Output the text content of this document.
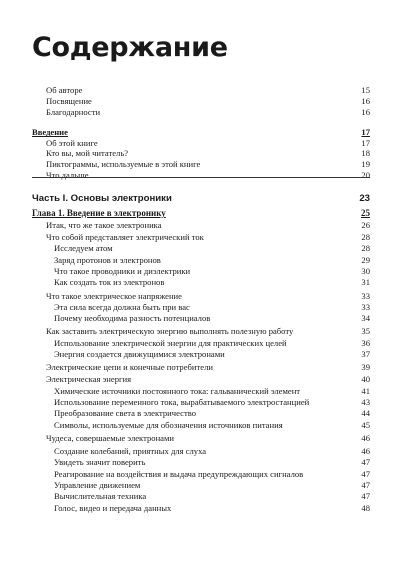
Содержание
Об авторе	15
Посвящение	16
Благодарности	16
Введение	17
Об этой книге	17
Кто вы, мой читатель?	18
Пиктограммы, используемые в этой книге	19
Что дальше	20
Часть I. Основы электроники	23
Глава 1. Введение в электронику	25
Итак, что же такое электроника	26
Что собой представляет электрический ток	28
Исследуем атом	28
Заряд протонов и электронов	29
Что такое проводники и диэлектрики	30
Как создать ток из электронов	31
Что такое электрическое напряжение	33
Эта сила всегда должна быть при вас	33
Почему необходима разность потенциалов	34
Как заставить электрическую энергию выполнять полезную работу	35
Использование электрической энергии для практических целей	36
Энергия создается движущимися электронами	37
Электрические цепи и конечные потребители	39
Электрическая энергия	40
Химические источники постоянного тока: гальванический элемент	41
Использование переменного тока, вырабатываемого электростанцией	43
Преобразование света в электричество	44
Символы, используемые для обозначения источников питания	45
Чудеса, совершаемые электронами	46
Создание колебаний, приятных для слуха	46
Увидеть значит поверить	47
Реагирование на воздействия и выдача предупреждающих сигналов	47
Управление движением	47
Вычислительная техника	47
Голос, видео и передача данных	48
